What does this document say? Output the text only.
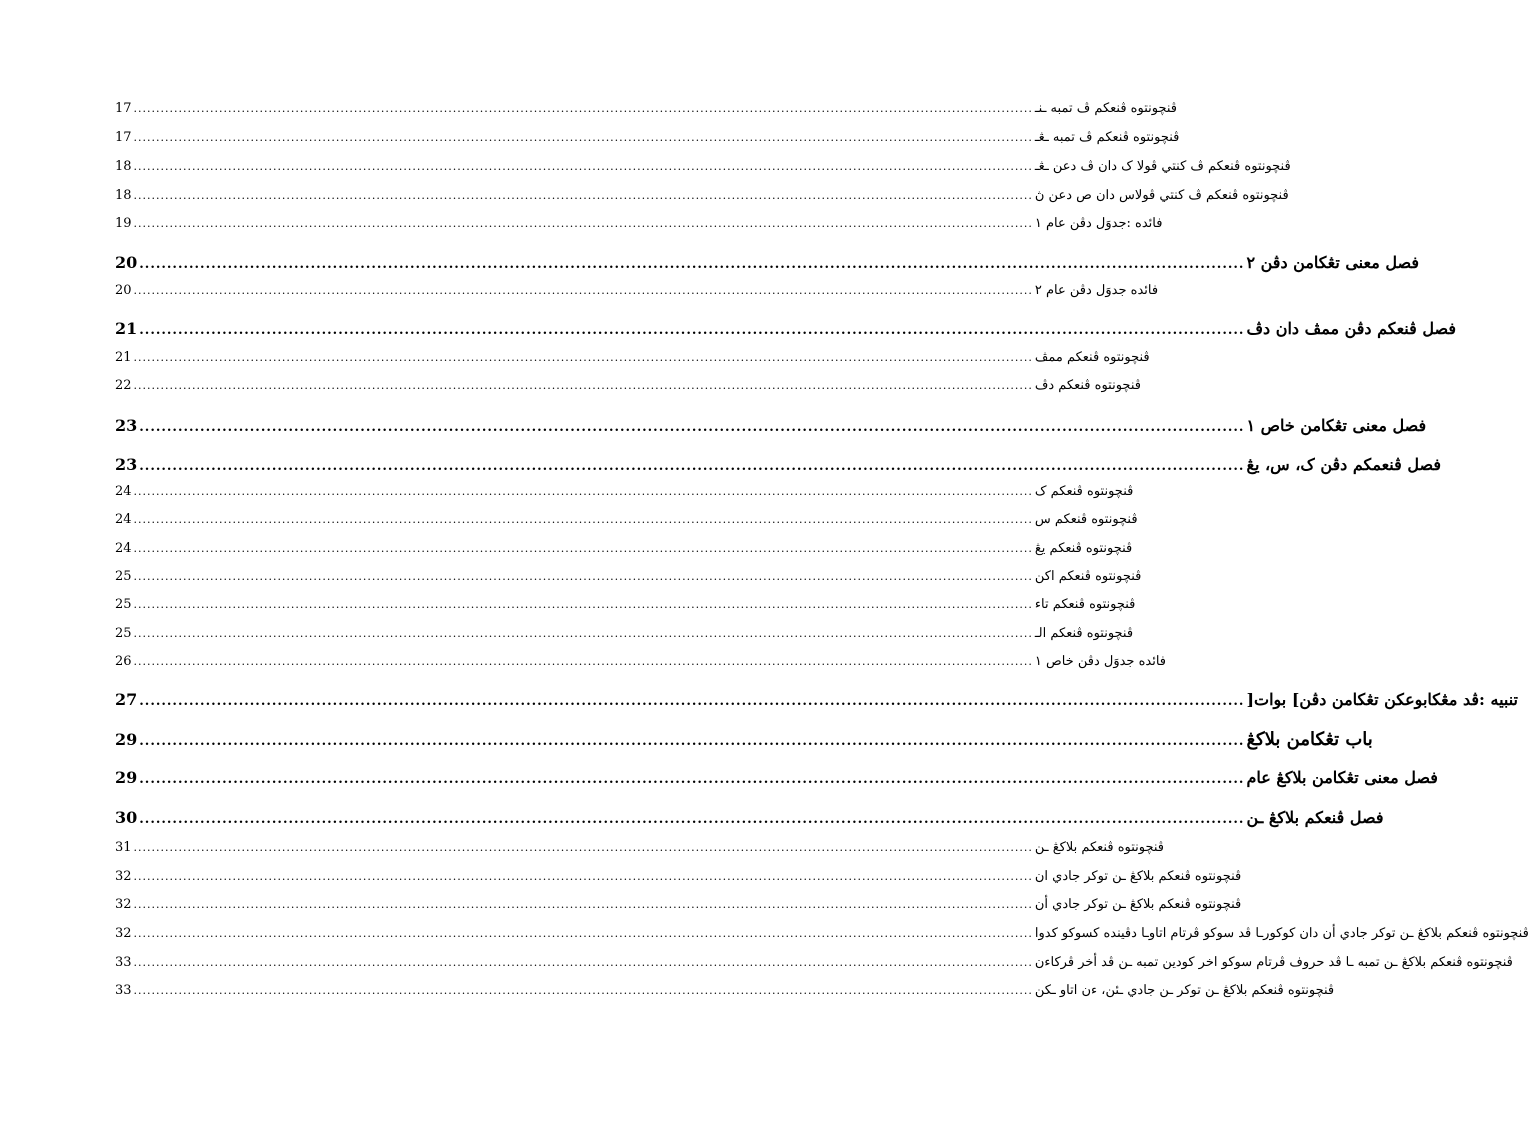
17 ........................................................................................................................................................................................................ ڤنچونتوه ڤنعکم ڤ تمبه ـنـ
17 ........................................................................................................................................................................................................ ڤنچونتوه ڤنعکم ڤ تمبه ـڠـ
18 ........................................................................................................................................................................................................ ڤنچونتوه ڤنعکم ڤ کنتي ڤولا ک دان ڤ دعن ـڠـ
18 ........................................................................................................................................................................................................ ڤنچونتوه ڤنعکم ڤ کنتي ڤولاس دان ص دعن ڽ
19 ........................................................................................................................................................................................................ فائده :جدوَل دڤن عام ١
20 ........................................................................................................................................................................................................ فصل معنی تڠکامن دڤن ٢
20 ........................................................................................................................................................................................................ فائده جدوَل دڤن عام ٢
21 ........................................................................................................................................................................................................ فصل ڤنعکم دڤن ممڤ دان دڤ
21 ........................................................................................................................................................................................................ ڤنچونتوه ڤنعکم ممڤ
22 ........................................................................................................................................................................................................ ڤنچونتوه ڤنعکم دڤ
23 ........................................................................................................................................................................................................ فصل معنی تڠکامن خاص ١
23 ........................................................................................................................................................................................................ فصل ڤنعمکم دڤن ک، س، يڠ
24 ........................................................................................................................................................................................................ ڤنچونتوه ڤنعکم ک
24 ........................................................................................................................................................................................................ ڤنچونتوه ڤنعکم س
24 ........................................................................................................................................................................................................ ڤنچونتوه ڤنعکم يڠ
25 ........................................................................................................................................................................................................ ڤنچونتوه ڤنعکم اکن
25 ........................................................................................................................................................................................................ ڤنچونتوه ڤنعکم تاء
25 ........................................................................................................................................................................................................ ڤنچونتوه ڤنعکم الـ
26 ........................................................................................................................................................................................................ فائده جدوَل دڤن خاص ١
27 ........................................................................................................................................................................................................ تنبيه :ڤد مڠکابوعکن تڠکامن دڤن] بوات[
29 ........................................................................................................................................................................................................ باب تڠکامن بلاکڠ
29 ........................................................................................................................................................................................................ فصل معنی تڠکامن بلاکڠ عام
30 ........................................................................................................................................................................................................ فصل ڤنعکم بلاکڠ ـن
31 ........................................................................................................................................................................................................ ڤنچونتوه ڤنعکم بلاکڠ ـن
32 ........................................................................................................................................................................................................ ڤنچونتوه ڤنعکم بلاکڠ ـن توکر جادي ان
32 ........................................................................................................................................................................................................ ڤنچونتوه ڤنعکم بلاکڠ ـن توکر جادي أن
32 ........................................................................................................................................................................................................ ڤنچونتوه ڤنعکم بلاکڠ ـن توکر جادي أن دان کوکورـا ڤد سوکو ڤرتام اتاوـا دڤينده کسوکو کدوا
33 ........................................................................................................................................................................................................ ڤنچونتوه ڤنعکم بلاکڠ ـن تمبه ـا ڤد حروف ڤرتام سوکو اخر کودين تمبه ـن ڤد أخر ڤرکاءن
33 ........................................................................................................................................................................................................ ڤنچونتوه ڤنعکم بلاکڠ ـن توکر ـن جادي ـئن، ءن اتاو ـکن
